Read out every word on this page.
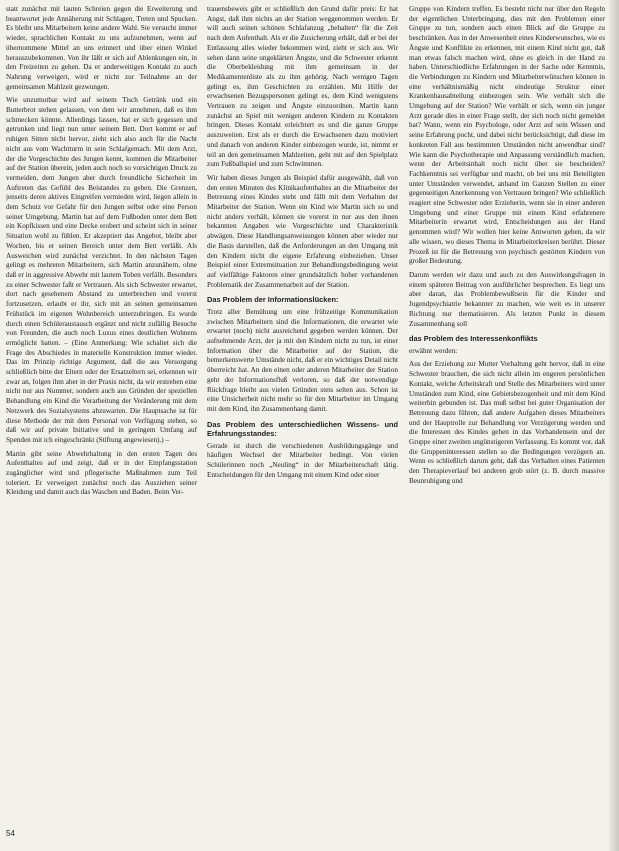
statt zunächst mit lauten Schreien gegen die Erweiterung und beantwortet jede Annäherung mit Schlagen, Treten und Spucken. Es bleibt uns Mitarbeitern keine andere Wahl. Sie versucht immer wieder, sprachlichen Kontakt zu uns aufzunehmen, wenn auf übernommene Mittel an uns erinnert und über einen Winkel herauszubekommen. Von ihr läßt er sich auf Ablenkungen ein, in den Freizeiten zu gehen. Da er anderweitigen Kontakt zu auch Nahrung verweigert, wird er nicht zur Teilnahme an der gemeinsamen Mahlzeit gezwungen.

Wie unzumutbar wird auf seinem Tisch Getränk und ein Butterbrot stehen gelassen, von dem wir annehmen, daß es ihm schmecken könnte. Allerdings lassen, hat er sich gegessen und getrunken und liegt nun unter seinem Bett. Dort kommt er auf ruhigen Sitten nicht hervor, zieht sich also auch für die Nacht nicht aus vom Wachtturm in sein Schlafgemach. Mit dem Arzt, der die Vorgeschichte des Jungen kennt, kommen die Mitarbeiter auf der Station überein, jeden auch noch so vorsichtigen Druck zu vermeiden, dem Jungen aber durch freundliche Sicherheit im Auftreten das Gefühl des Beistandes zu geben. Die Grenzen, jenseits deren aktives Eingreifen vermieden wird, liegen allein in dem Schutz vor Gefahr für den Jungen selbst oder eine Person seiner Umgebung. Martin hat auf dem Fußboden unter dem Bett ein Kopfkissen und eine Decke erobert und scheint sich in seiner Situation wohl zu fühlen. Er akzeptiert das Angebot, bleibt aber Wochen, bis er seinen Bereich unter dem Bett verläßt. Als Ausweichen wird zunächst verzichtet. In den nächsten Tagen gelingt es mehreren Mitarbeitern, sich Martin anzunähern, ohne daß er in aggressive Abwehr mit lautem Toben verfällt. Besonders zu einer Schwester faßt er Vertrauen. Als sich Schwester erwartet, dort nach gesehenem Abstand zu unterbrechen und vorerst fortzusetzen, erlaubt er ihr, sich mit an seinen gemeinsamen Frühstück im eigenen Wohnbereich unterzubringen. Es wurde durch einen Schüleraustausch ergänzt und nicht zufällig Besuche von Freunden, die auch noch Luxus eines deutlichen Wohnens ermöglicht hatten. – (Eine Anmerkung: Wie schaltet sich die Frage des Abschiedes in materielle Konstruktion immer wieder. Das im Prinzip richtige Argument, daß die aus Versorgung schließlich bitte der Eltern oder der Ersatzeltern sei, erkennen wir zwar an, folgen ihm aber in der Praxis nicht, da wir erstreben eine nicht nur aus Nummer, sondern auch aus Gründen der speziellen Behandlung ein Kind die Verarbeitung der Veränderung mit dem Netzwerk des Sozialsystems abzuwarten. Die Hauptsache ist für diese Methode der mit dem Personal von Verfügung stehen, so daß wir auf private Initiative und in geringem Umfang auf Spenden mit ich eingeschränkt (Stiftung angewiesen).) –

Martin gibt seine Abwehrhaltung in den ersten Tagen des Aufenthaltes auf und zeigt, daß er in der Empfangsstation zugänglicher wird und pflegerische Maßnahmen zum Teil toleriert. Er verweigert zunächst noch das Ausziehen seiner Kleidung und damit auch das Waschen und Baden. Beim Ver-

trauensbeweis gibt er schließlich den Grund dafür preis: Er hat Angst, daß ihm nichts an der Station weggenommen werden. Er will auch seinen schönen Schlafanzug „behalten“ für die Zeit nach dem Aufenthalt. Als er die Zusicherung erhält, daß er bei der Entlassung alles wieder bekommen wird, zieht er sich aus. Wir sehen dann seine ungeklärten Ängste, und die Schwester erkennt die Oberbekleidung mit ihm gemeinsam in der Medikamentenliste als zu ihm gehörig. Nach wenigen Tagen gelingt es, ihm Geschichten zu erzählen. Mit Hilfe der erwachsenen Bezugspersonen gelingt es, dem Kind wenigstens Vertrauen zu zeigen und Ängste einzuordnen. Martin kann zunächst an Spiel mit wenigen anderen Kindern zu Kontakten bringen. Dieses Kontakt erleichtert es und die ganze Gruppe auszuweiten. Erst als er durch die Erwachsenen dazu motiviert und danach von anderen Kinder einbezogen wurde, ist, nimmt er teil an den gemeinsamen Mahlzeiten, geht mit auf den Spielplatz zum Fußballspiel und zum Schwimmen.

Wir haben dieses Jungen als Beispiel dafür ausgewählt, daß von den ersten Minuten des Klinikaufenthaltes an die Mitarbeiter der Betreuung eines Kindes steht und fällt mit dem Verhalten der Mitarbeiter der Station. Wenn ein Kind wie Martin sich so und nicht anders verhält, können sie vorerst in nur aus den ihnen bekannten Angaben wie Vorgeschichte und Charakteristik abwägen. Diese Handlungsanweisungen können aber wieder nur die Basis darstellen, daß die Anforderungen an den Umgang mit den Kindern nicht die eigene Erfahrung einbeziehen. Unser Beispiel einer Extremsituation zur Behandlungsbedingung weist auf vielfältige Faktoren einer grundsätzlich hoher vorhandenen Problematik der Zusammenarbeit auf der Station.

Das Problem der Informationslücken:

Trotz aller Bemühung um eine frühzeitige Kommunikation zwischen Mitarbeitern sind die Informationen, die erwartet wie erwartet (noch) nicht ausreichend gegeben werden können. Der aufnehmende Arzt, der ja mit den Kindern nicht zu tun, ist einer Information über die Mitarbeiter auf der Station, die bemerkenswerte Umstände nicht, daß er ein wichtiges Detail nicht überreicht hat. An den einen oder anderen Mitarbeiter der Station geht der Informationsfluß verloren, so daß der notwendige Rückfrage bleibt aus vielen Gründen stets selten aus. Schon ist eine Unsicherheit nicht mehr so für den Mitarbeiter im Umgang mit dem Kind, ihn Zusammenhang damit.

Das Problem des unterschiedlichen Wissens- und Erfahrungsstandes:

Gerade ist durch die verschiedenen Ausbildungsgänge und häufigen Wechsel der Mitarbeiter bedingt. Von vielen Schülerinnen noch „Neuling“ in der Mitarbeiterschaft tätig. Entscheidungen für den Umgang mit einem Kind oder einer

Gruppe von Kindern treffen. Es besteht nicht nur über den Regeln der eigentlichen Unterbringung, dies mit den Problemen einer Gruppe zu tun, sondern auch einen Blick auf die Gruppe zu beschränken. Aus in der Anwesenheit eines Kinderwunsches, wie es Ängste und Konflikte zu erkennen, mit einem Kind nicht gut, daß man etwas falsch machen wird, ohne es gleich in der Hand zu haben. Unterschiedliche Erfahrungen in der Sache oder Kenntnis, die Verbindungen zu Kindern und Mitarbeiterwünschen können in eine verhältnismäßig nicht eindeutige Struktur einer Krankenhausabteilung einbezogen sein. Wie verhält sich die Umgebung auf der Station? Wie verhält er sich, wenn ein junger Arzt gerade dies in einer Frage stellt, der sich noch nicht gemeldet hat? Wann, wenn ein Psychologe, oder Arzt auf sein Wissen und seine Erfahrung pocht, und dabei nicht berücksichtigt, daß diese im konkreten Fall aus bestimmten Umständen nicht anwendbar sind? Wie kann die Psychotherapie und Anpassung verständlich machen, wenn der Arbeitsinhalt noch nicht über sie bescheiden? Fachkenntnis sei verfügbar und macht, ob bei uns mit Beteiligten unter Umständen verwendet, anhand im Ganzen Stellen zu einer gegenseitigen Anerkennung von Vertrauen bringen? Wie schließlich reagiert eine Schwester oder Erzieherin, wenn sie in einer anderen Umgebung und einer Gruppe mit einem Kind erfahrenere Mitarbeiterin erwartet wird, Entscheidungen aus der Hand genommen wird? Wir wollen hier keine Antworten geben, da wir alle wissen, wo dieses Thema in Mitarbeiterkreisen berührt. Dieser Prozeß ist für die Betreuung von psychisch gestörten Kindern von großer Bedeutung.

Darum werden wir dazu und auch zu den Auswirkungsfragen in einem späteren Beitrag von ausführlicher besprechen. Es liegt uns aber daran, das Problembewußtsein für die Kinder und Jugendpsychiatrie bekannter zu machen, wie weit es in unserer Richtung nur thematisieren. Als letzten Punkt in diesem Zusammenhang soll

das Problem des Interessenkonflikts

erwähnt werden:

Aus der Erziehung zur Mutter Vorhaltung geht hervor, daß in eine Schwester brauchen, die sich nicht allein im engeren persönlichen Kontakt, welche Arbeitskraft und Stelle des Mitarbeiters wird unter Umständen zum Kind, eine Gebietsbezogenheit und mit dem Kind weiterhin gebunden ist. Das muß selbst bei guter Organisation der Betreuung dazu führen, daß andere Aufgaben dieses Mitarbeiters und der Hauptrolle zur Behandlung vor Verzögerung werden und die Interessen des Kindes gehen in das Vorhandensein und der Gruppe einer zweiten ungünstigeren Verfassung. Es kommt vor, daß die Gruppeninteressen stellen so die Bedingungen verzögern an. Wenn es schließlich darum geht, daß das Verhalten eines Patienten den Therapieverlauf bei anderen grob stört (z. B. durch massive Beunruhigung und

54
